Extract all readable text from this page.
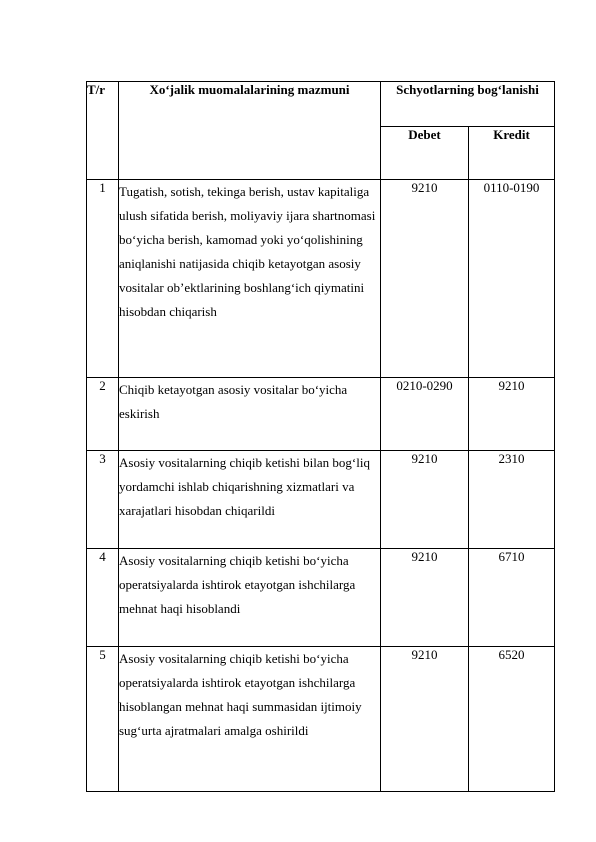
T/r	Xo‘jalik muomalalarining mazmuni	Schyotlarning bog‘lanishi	
		Debet	Kredit
1	Tugatish, sotish, tekinga berish, ustav kapitaliga ulush sifatida berish, moliyaviy ijara shartnomasi bo‘yicha berish, kamomad yoki yo‘qolishining aniqlanishi natijasida chiqib ketayotgan asosiy vositalar ob’ektlarining boshlang‘ich qiymatini hisobdan chiqarish	9210	0110-0190
2	Chiqib ketayotgan asosiy vositalar bo‘yicha eskirish	0210-0290	9210
3	Asosiy vositalarning chiqib ketishi bilan bog‘liq yordamchi ishlab chiqarishning xizmatlari va xarajatlari hisobdan chiqarildi	9210	2310
4	Asosiy vositalarning chiqib ketishi bo‘yicha operatsiyalarda ishtirok etayotgan ishchilarga mehnat haqi hisoblandi	9210	6710
5	Asosiy vositalarning chiqib ketishi bo‘yicha operatsiyalarda ishtirok etayotgan ishchilarga hisoblangan mehnat haqi summasidan ijtimoiy sug‘urta ajratmalari amalga oshirildi	9210	6520
